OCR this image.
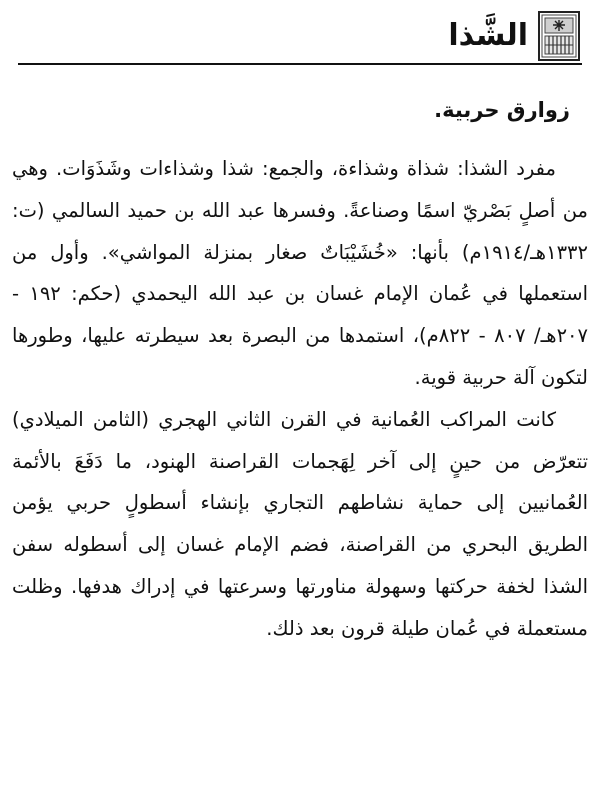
الشَّذا
زوارق حربية.

مفرد الشذا: شذاة وشذاءة، والجمع: شذا وشذاءات وشَذَوَات. وهي من أصلٍ بَصْريّ اسمًا وصناعةً. وفسرها عبد الله بن حميد السالمي (ت: ١٣٣٢هـ/١٩١٤م) بأنها: «خُشَيْبَاتٌ صغار بمنزلة المواشي». وأول من استعملها في عُمان الإمام غسان بن عبد الله اليحمدي (حكم: ١٩٢ - ٢٠٧هـ/ ٨٠٧ - ٨٢٢م)، استمدها من البصرة بعد سيطرته عليها، وطورها لتكون آلة حربية قوية.

كانت المراكب العُمانية في القرن الثاني الهجري (الثامن الميلادي) تتعرّض من حينٍ إلى آخر لِهَجمات القراصنة الهنود، ما دَفَعَ بالأئمة العُمانيين إلى حماية نشاطهم التجاري بإنشاء أسطولٍ حربي يؤمن الطريق البحري من القراصنة، فضم الإمام غسان إلى أسطوله سفن الشذا لخفة حركتها وسهولة مناورتها وسرعتها في إدراك هدفها. وظلت مستعملة في عُمان طيلة قرون بعد ذلك.
